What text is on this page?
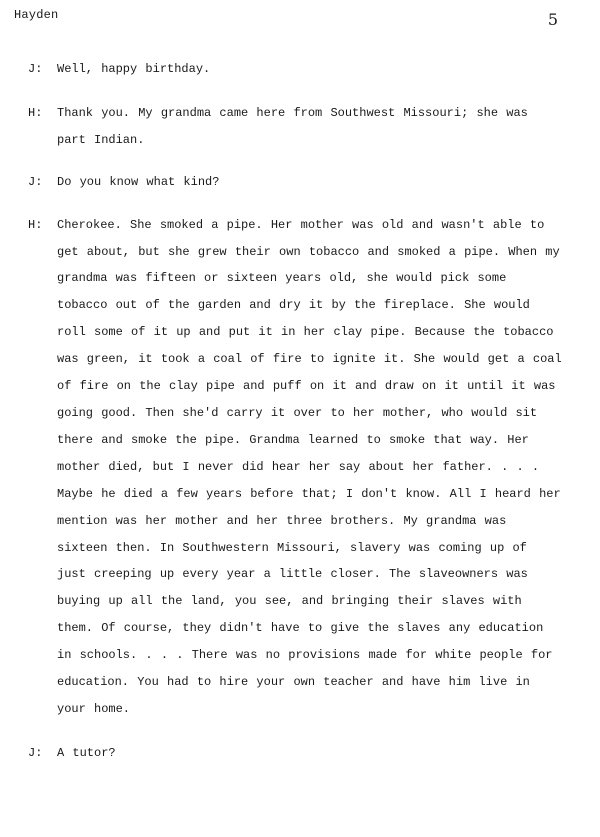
Hayden	5
J:	Well, happy birthday.
H:	Thank you. My grandma came here from Southwest Missouri; she was part Indian.
J:	Do you know what kind?
H:	Cherokee. She smoked a pipe. Her mother was old and wasn't able to get about, but she grew their own tobacco and smoked a pipe. When my grandma was fifteen or sixteen years old, she would pick some tobacco out of the garden and dry it by the fireplace. She would roll some of it up and put it in her clay pipe. Because the tobacco was green, it took a coal of fire to ignite it. She would get a coal of fire on the clay pipe and puff on it and draw on it until it was going good. Then she'd carry it over to her mother, who would sit there and smoke the pipe. Grandma learned to smoke that way. Her mother died, but I never did hear her say about her father. . . . Maybe he died a few years before that; I don't know. All I heard her mention was her mother and her three brothers. My grandma was sixteen then. In Southwestern Missouri, slavery was coming up of just creeping up every year a little closer. The slaveowners was buying up all the land, you see, and bringing their slaves with them. Of course, they didn't have to give the slaves any education in schools. . . . There was no provisions made for white people for education. You had to hire your own teacher and have him live in your home.
J:	A tutor?
